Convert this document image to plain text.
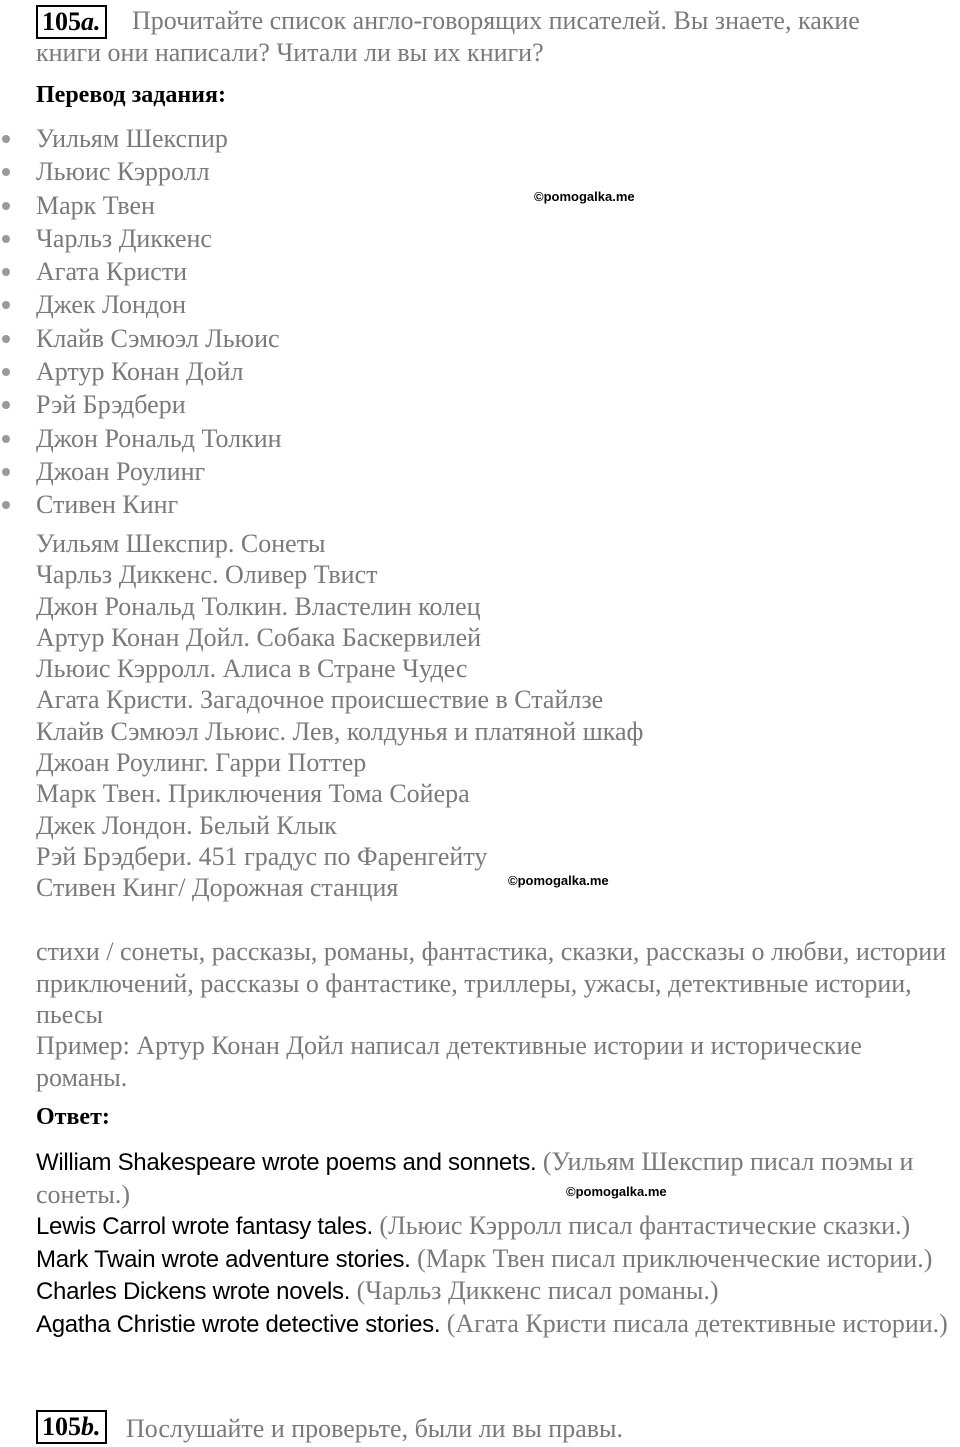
105a.	Прочитайте список англо-говорящих писателей. Вы знаете, какие книги они написали? Читали ли вы их книги?
Перевод задания:
Уильям Шекспир
Льюис Кэрролл
Марк Твен
Чарльз Диккенс
Агата Кристи
Джек Лондон
Клайв Сэмюэл Льюис
Артур Конан Дойл
Рэй Брэдбери
Джон Рональд Толкин
Джоан Роулинг
Стивен Кинг
©pomogalka.me
Уильям Шекспир. Сонеты
Чарльз Диккенс. Оливер Твист
Джон Рональд Толкин. Властелин колец
Артур Конан Дойл. Собака Баскервилей
Льюис Кэрролл. Алиса в Стране Чудес
Агата Кристи. Загадочное происшествие в Стайлзе
Клайв Сэмюэл Льюис. Лев, колдунья и платяной шкаф
Джоан Роулинг. Гарри Поттер
Марк Твен. Приключения Тома Сойера
Джек Лондон. Белый Клык
Рэй Брэдбери. 451 градус по Фаренгейту
Стивен Кинг/ Дорожная станция	©pomogalka.me
стихи / сонеты, рассказы, романы, фантастика, сказки, рассказы о любви, истории приключений, рассказы о фантастике, триллеры, ужасы, детективные истории, пьесы
Пример: Артур Конан Дойл написал детективные истории и исторические романы.
Ответ:
William Shakespeare wrote poems and sonnets. (Уильям Шекспир писал поэмы и сонеты.)
Lewis Carrol wrote fantasy tales. (Льюис Кэрролл писал фантастические сказки.)
Mark Twain wrote adventure stories. (Марк Твен писал приключенческие истории.)
Charles Dickens wrote novels. (Чарльз Диккенс писал романы.)
Agatha Christie wrote detective stories. (Агата Кристи писала детективные истории.)
©pomogalka.me
105b. Послушайте и проверьте, были ли вы правы.
